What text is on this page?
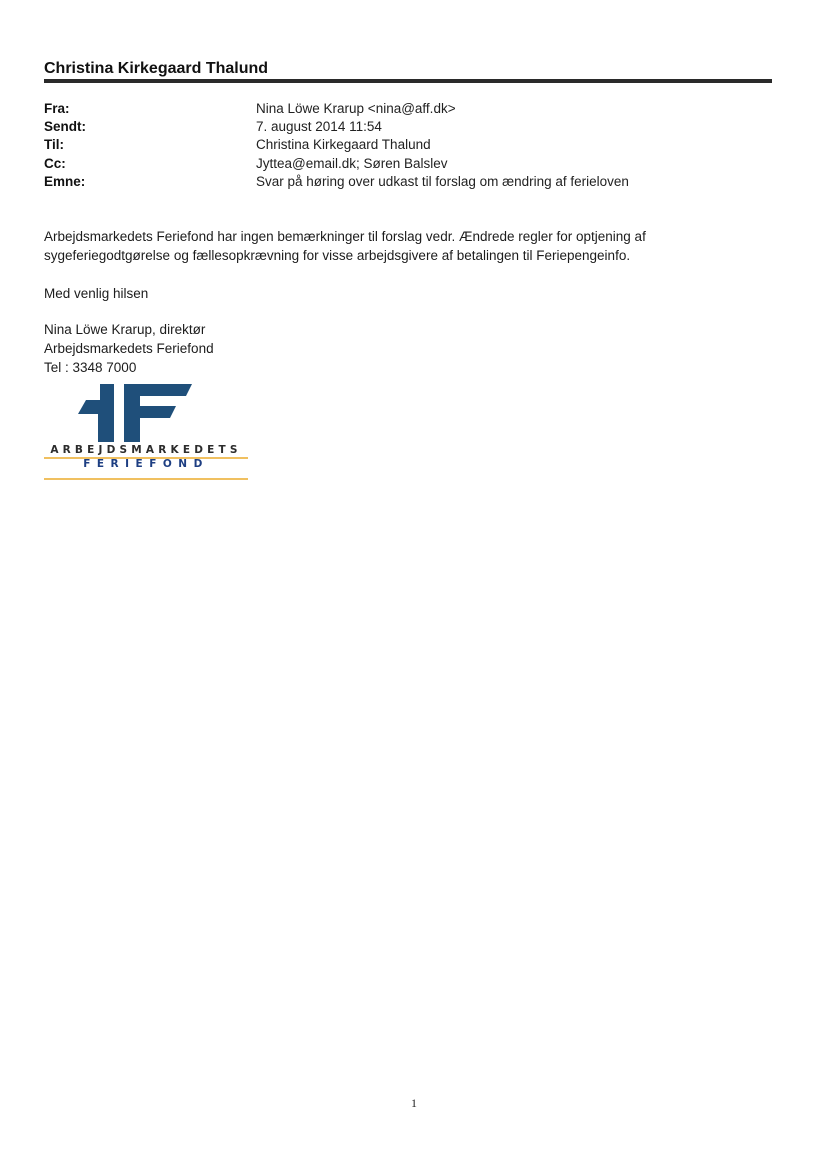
Christina Kirkegaard Thalund
Fra:	Nina Löwe Krarup <nina@aff.dk>
Sendt:	7. august 2014 11:54
Til:	Christina Kirkegaard Thalund
Cc:	Jyttea@email.dk; Søren Balslev
Emne:	Svar på høring over udkast til forslag om ændring af ferieloven

Arbejdsmarkedets Feriefond har ingen bemærkninger til forslag vedr. Ændrede regler for optjening af sygeferiegodtgørelse og fællesopkrævning for visse arbejdsgivere af betalingen til Feriepengeinfo.

Med venlig hilsen

Nina Löwe Krarup, direktør
Arbejdsmarkedets Feriefond
Tel : 3348 7000
ARBEJDSMARKEDETS
FERIEFOND
1
